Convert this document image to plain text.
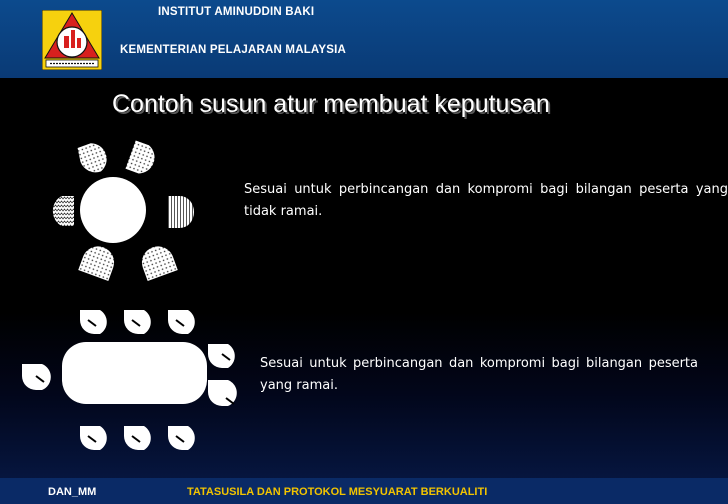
INSTITUT AMINUDDIN BAKI
KEMENTERIAN PELAJARAN MALAYSIA
Contoh susun atur membuat keputusan
Sesuai untuk perbincangan dan kompromi bagi bilangan peserta yang tidak ramai.
Sesuai untuk perbincangan dan kompromi bagi bilangan peserta yang ramai.
DAN_MM	TATASUSILA DAN PROTOKOL MESYUARAT BERKUALITI
